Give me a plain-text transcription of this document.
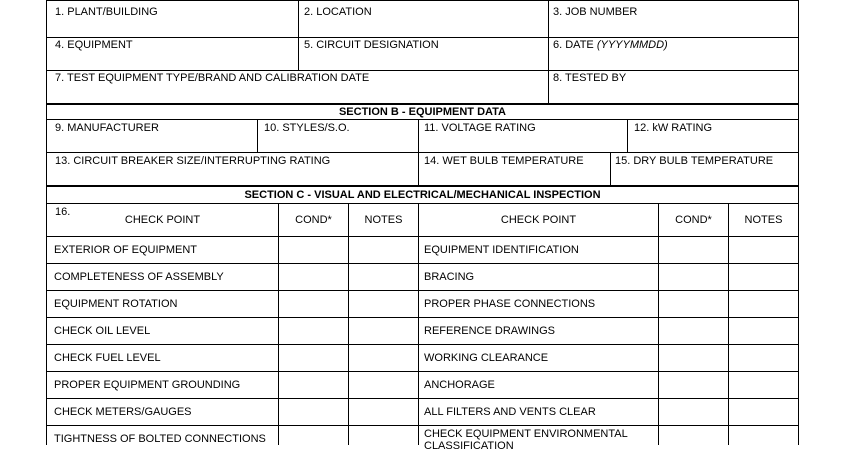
1. PLANT/BUILDING	2. LOCATION	3. JOB NUMBER
4. EQUIPMENT	5. CIRCUIT DESIGNATION	6. DATE (YYYYMMDD)
7. TEST EQUIPMENT TYPE/BRAND AND CALIBRATION DATE	8. TESTED BY
SECTION B - EQUIPMENT DATA
9. MANUFACTURER	10. STYLES/S.O.	11. VOLTAGE RATING	12. kW RATING
13. CIRCUIT BREAKER SIZE/INTERRUPTING RATING	14. WET BULB TEMPERATURE	15. DRY BULB TEMPERATURE
SECTION C - VISUAL AND ELECTRICAL/MECHANICAL INSPECTION
16.
CHECK POINT	COND*	NOTES	CHECK POINT	COND*	NOTES
EXTERIOR OF EQUIPMENT	EQUIPMENT IDENTIFICATION
COMPLETENESS OF ASSEMBLY	BRACING
EQUIPMENT ROTATION	PROPER PHASE CONNECTIONS
CHECK OIL LEVEL	REFERENCE DRAWINGS
CHECK FUEL LEVEL	WORKING CLEARANCE
PROPER EQUIPMENT GROUNDING	ANCHORAGE
CHECK METERS/GAUGES	ALL FILTERS AND VENTS CLEAR
TIGHTNESS OF BOLTED CONNECTIONS	CHECK EQUIPMENT ENVIRONMENTAL CLASSIFICATION
